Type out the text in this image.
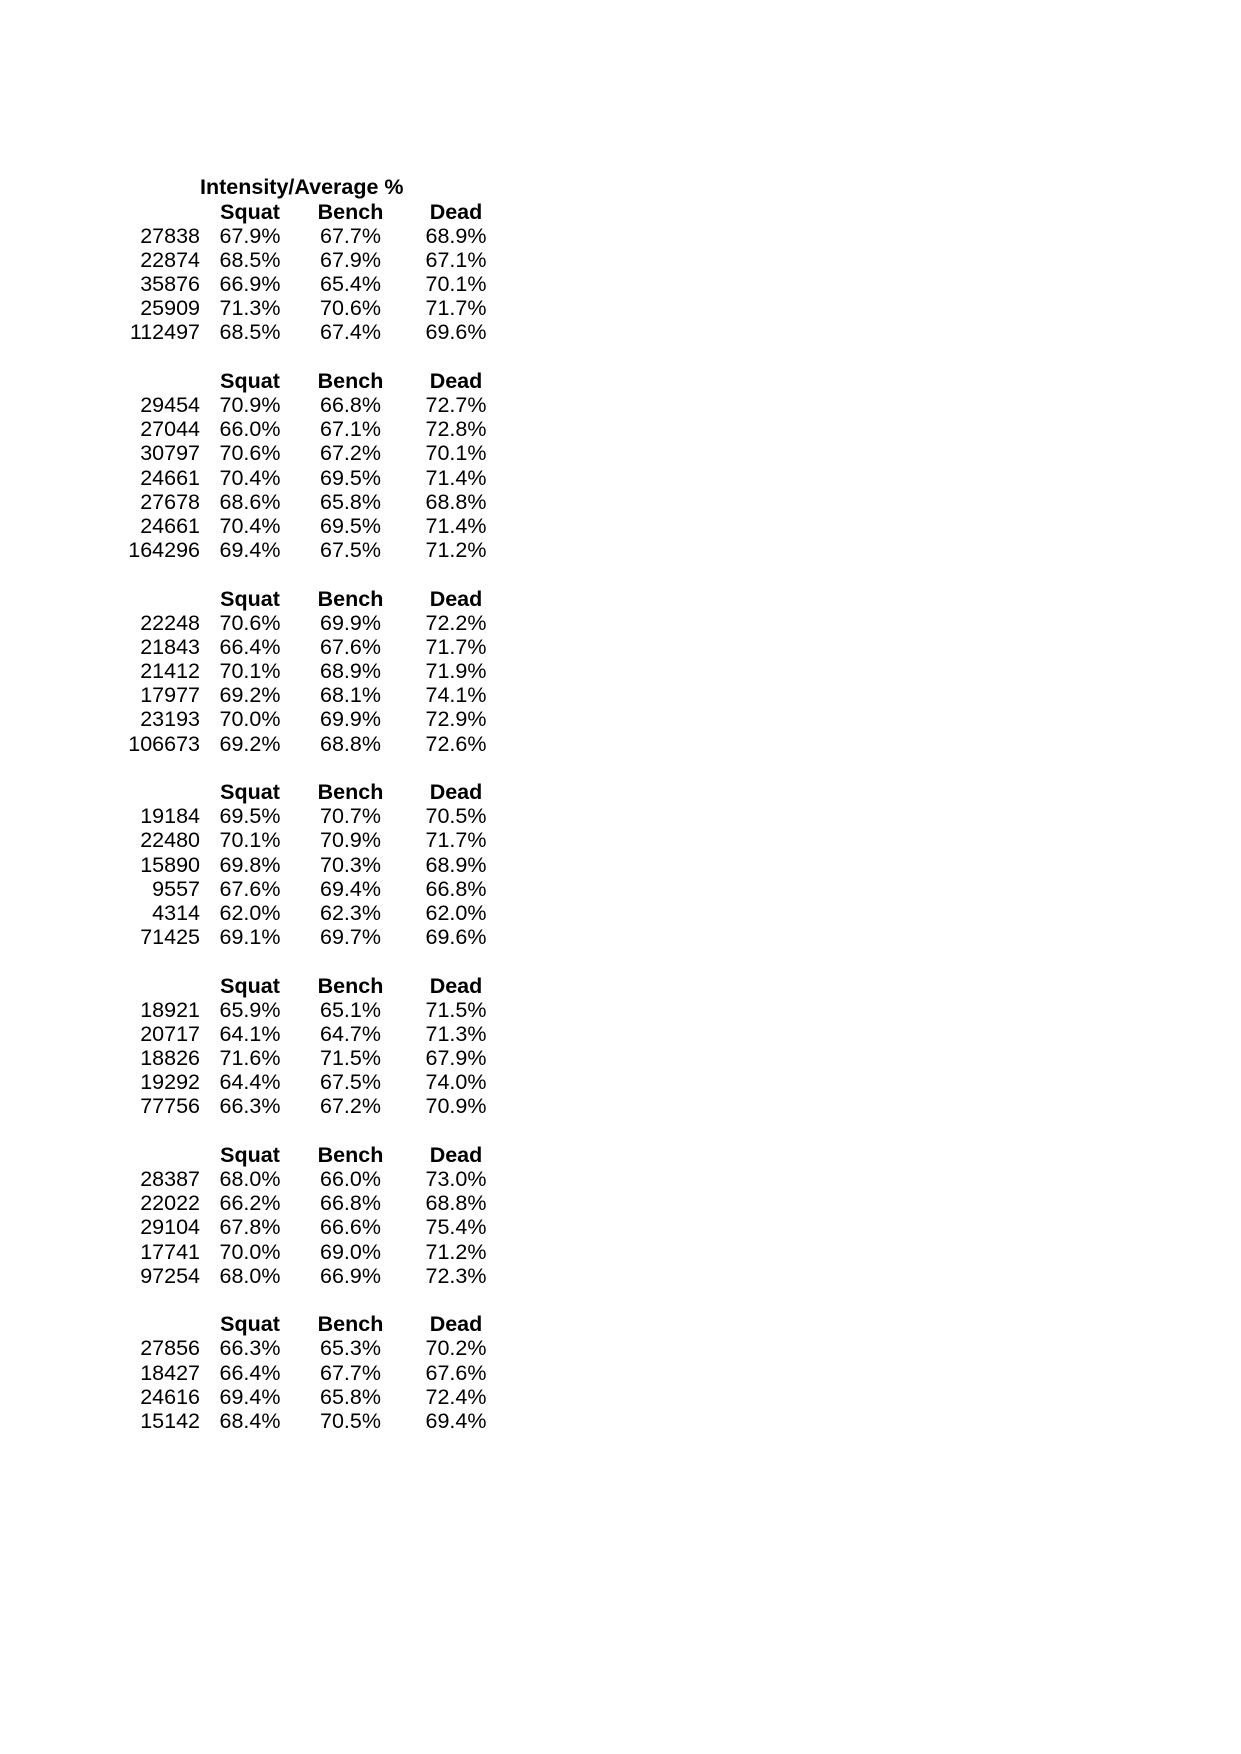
	Intensity/Average %		
	Squat	Bench	Dead
27838	67.9%	67.7%	68.9%
22874	68.5%	67.9%	67.1%
35876	66.9%	65.4%	70.1%
25909	71.3%	70.6%	71.7%
112497	68.5%	67.4%	69.6%

	Squat	Bench	Dead
29454	70.9%	66.8%	72.7%
27044	66.0%	67.1%	72.8%
30797	70.6%	67.2%	70.1%
24661	70.4%	69.5%	71.4%
27678	68.6%	65.8%	68.8%
24661	70.4%	69.5%	71.4%
164296	69.4%	67.5%	71.2%

	Squat	Bench	Dead
22248	70.6%	69.9%	72.2%
21843	66.4%	67.6%	71.7%
21412	70.1%	68.9%	71.9%
17977	69.2%	68.1%	74.1%
23193	70.0%	69.9%	72.9%
106673	69.2%	68.8%	72.6%

	Squat	Bench	Dead
19184	69.5%	70.7%	70.5%
22480	70.1%	70.9%	71.7%
15890	69.8%	70.3%	68.9%
9557	67.6%	69.4%	66.8%
4314	62.0%	62.3%	62.0%
71425	69.1%	69.7%	69.6%

	Squat	Bench	Dead
18921	65.9%	65.1%	71.5%
20717	64.1%	64.7%	71.3%
18826	71.6%	71.5%	67.9%
19292	64.4%	67.5%	74.0%
77756	66.3%	67.2%	70.9%

	Squat	Bench	Dead
28387	68.0%	66.0%	73.0%
22022	66.2%	66.8%	68.8%
29104	67.8%	66.6%	75.4%
17741	70.0%	69.0%	71.2%
97254	68.0%	66.9%	72.3%

	Squat	Bench	Dead
27856	66.3%	65.3%	70.2%
18427	66.4%	67.7%	67.6%
24616	69.4%	65.8%	72.4%
15142	68.4%	70.5%	69.4%
